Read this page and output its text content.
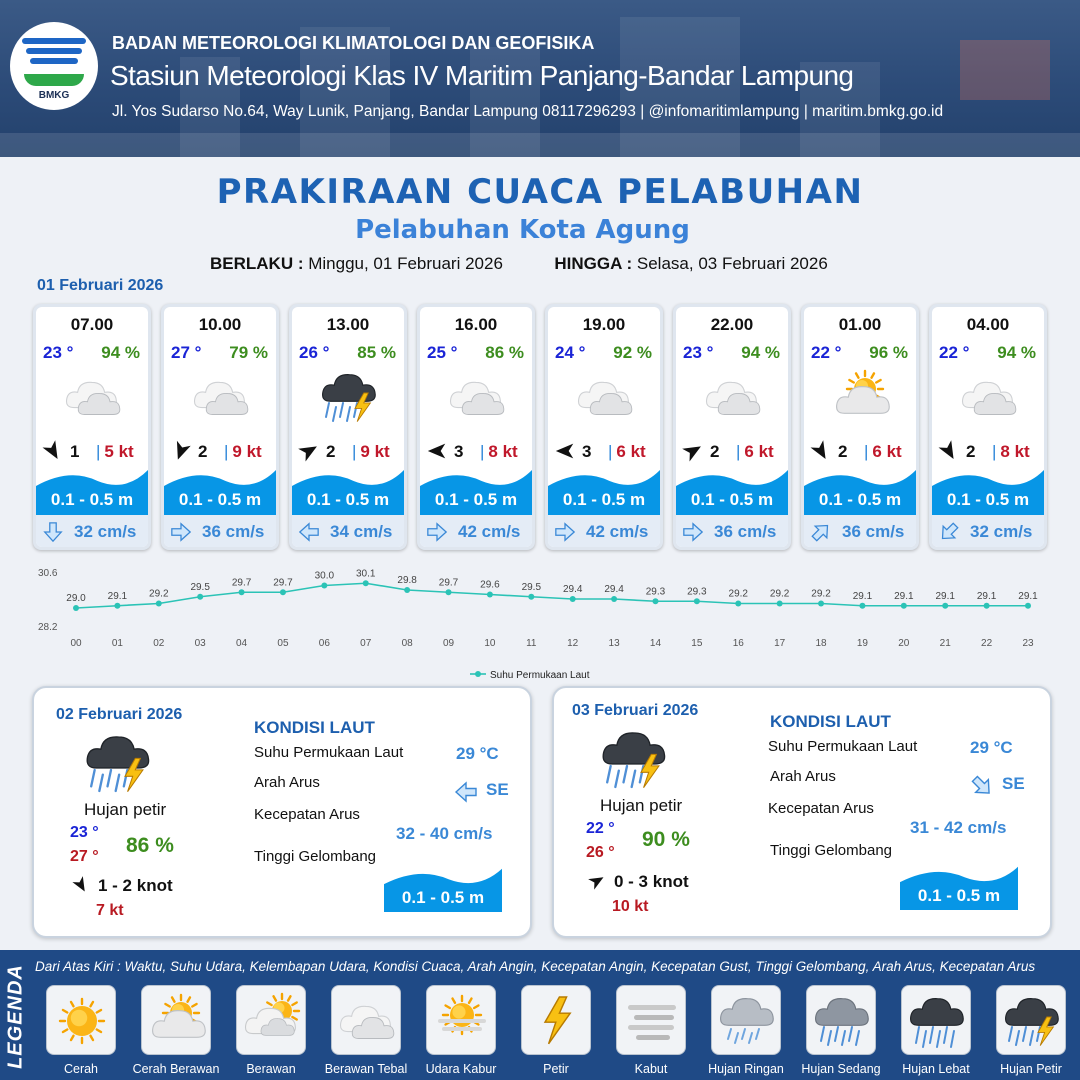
BMKG
BADAN METEOROLOGI KLIMATOLOGI DAN GEOFISIKA
Stasiun Meteorologi Klas IV Maritim Panjang-Bandar Lampung
Jl. Yos Sudarso No.64, Way Lunik, Panjang, Bandar Lampung 08117296293 | @infomaritimlampung | maritim.bmkg.go.id
PRAKIRAAN CUACA PELABUHAN
Pelabuhan Kota Agung
BERLAKU : Minggu, 01 Februari 2026	HINGGA : Selasa, 03 Februari 2026
01 Februari 2026
07.00
23 ° 94 %
1 | 5 kt
0.1 - 0.5 m
32 cm/s
10.00
27 ° 79 %
2 | 9 kt
0.1 - 0.5 m
36 cm/s
13.00
26 ° 85 %
2 | 9 kt
0.1 - 0.5 m
34 cm/s
16.00
25 ° 86 %
3 | 8 kt
0.1 - 0.5 m
42 cm/s
19.00
24 ° 92 %
3 | 6 kt
0.1 - 0.5 m
42 cm/s
22.00
23 ° 94 %
2 | 6 kt
0.1 - 0.5 m
36 cm/s
01.00
22 ° 96 %
2 | 6 kt
0.1 - 0.5 m
36 cm/s
04.00
22 ° 94 %
2 | 8 kt
0.1 - 0.5 m
32 cm/s
30.6
28.2
29.0
00
29.1
01
29.2
02
29.5
03
29.7
04
29.7
05
30.0
06
30.1
07
29.8
08
29.7
09
29.6
10
29.5
11
29.4
12
29.4
13
29.3
14
29.3
15
29.2
16
29.2
17
29.2
18
29.1
19
29.1
20
29.1
21
29.1
22
29.1
23
Suhu Permukaan Laut
02 Februari 2026
Hujan petir
23 °
27 ° 86 %
1 - 2 knot
7 kt
KONDISI LAUT
Suhu Permukaan Laut	29 °C
Arah Arus	SE
Kecepatan Arus
32 - 40 cm/s
Tinggi Gelombang
0.1 - 0.5 m
03 Februari 2026
Hujan petir
22 °
26 °
90 %
0 - 3 knot
10 kt
KONDISI LAUT
Suhu Permukaan Laut	29 °C
Arah Arus	SE
Kecepatan Arus
31 - 42 cm/s
Tinggi Gelombang
0.1 - 0.5 m
LEGENDA Dari Atas Kiri : Waktu, Suhu Udara, Kelembapan Udara, Kondisi Cuaca, Arah Angin, Kecepatan Angin, Kecepatan Gust, Tinggi Gelombang, Arah Arus, Kecepatan Arus
Cerah	Cerah Berawan	Berawan	Berawan Tebal	Udara Kabur	Petir	Kabut	Hujan Ringan	Hujan Sedang	Hujan Lebat	Hujan Petir
